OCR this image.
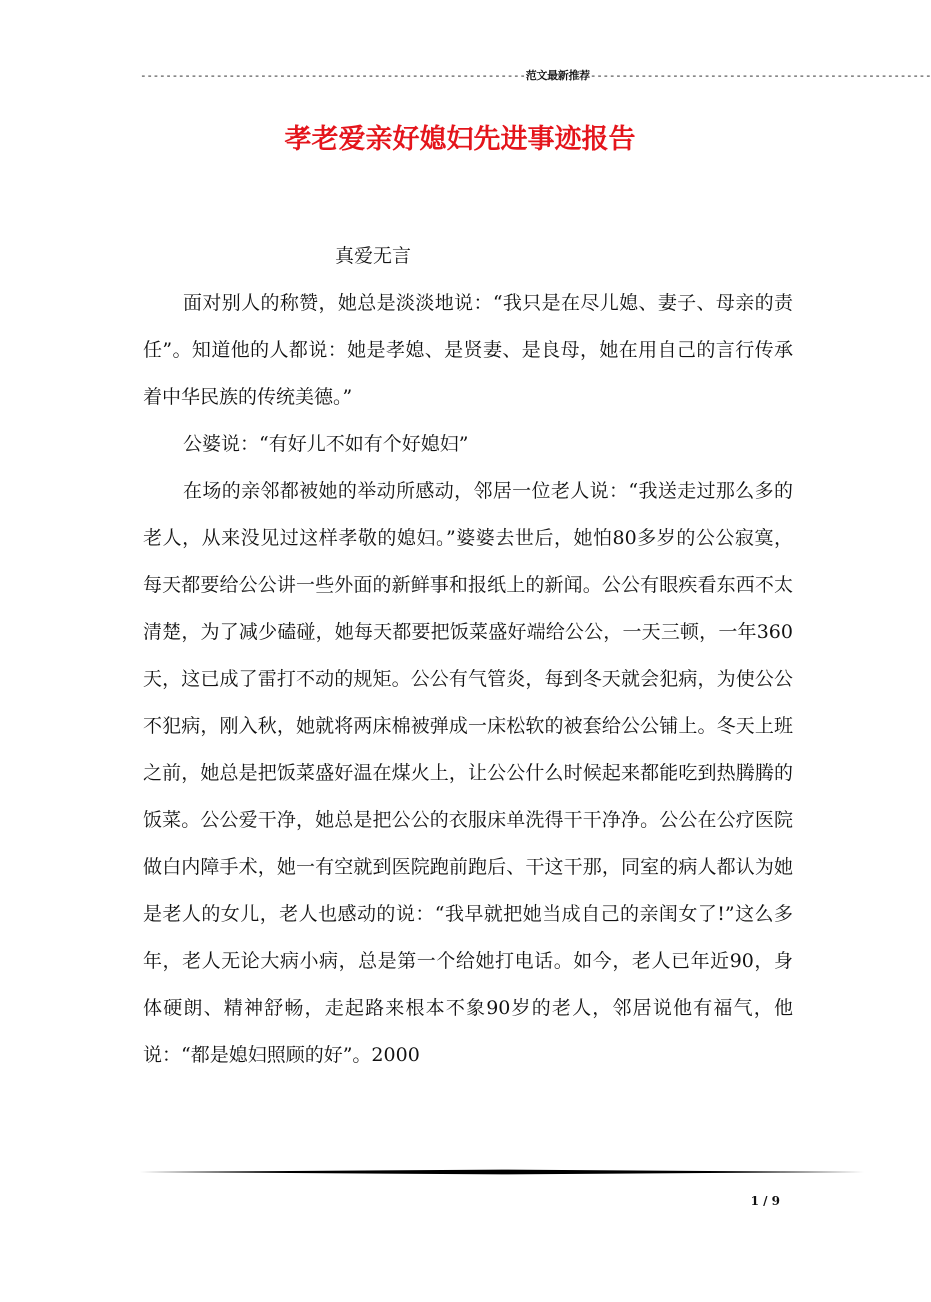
-------------------------------------------------------------范文最新推荐------------------------------------------------------
孝老爱亲好媳妇先进事迹报告

真爱无言

面对别人的称赞，她总是淡淡地说：“我只是在尽儿媳、妻子、母亲的责任”。知道他的人都说：她是孝媳、是贤妻、是良母，她在用自己的言行传承着中华民族的传统美德。”

公婆说：“有好儿不如有个好媳妇”

在场的亲邻都被她的举动所感动，邻居一位老人说：“我送走过那么多的老人，从来没见过这样孝敬的媳妇。”婆婆去世后，她怕80多岁的公公寂寞，每天都要给公公讲一些外面的新鲜事和报纸上的新闻。公公有眼疾看东西不太清楚，为了减少磕碰，她每天都要把饭菜盛好端给公公，一天三顿，一年360天，这已成了雷打不动的规矩。公公有气管炎，每到冬天就会犯病，为使公公不犯病，刚入秋，她就将两床棉被弹成一床松软的被套给公公铺上。冬天上班之前，她总是把饭菜盛好温在煤火上，让公公什么时候起来都能吃到热腾腾的饭菜。公公爱干净，她总是把公公的衣服床单洗得干干净净。公公在公疗医院做白内障手术，她一有空就到医院跑前跑后、干这干那，同室的病人都认为她是老人的女儿，老人也感动的说：“我早就把她当成自己的亲闺女了!”这么多年，老人无论大病小病，总是第一个给她打电话。如今，老人已年近90，身体硬朗、精神舒畅，走起路来根本不象90岁的老人，邻居说他有福气，他说：“都是媳妇照顾的好”。2000

1 / 9
